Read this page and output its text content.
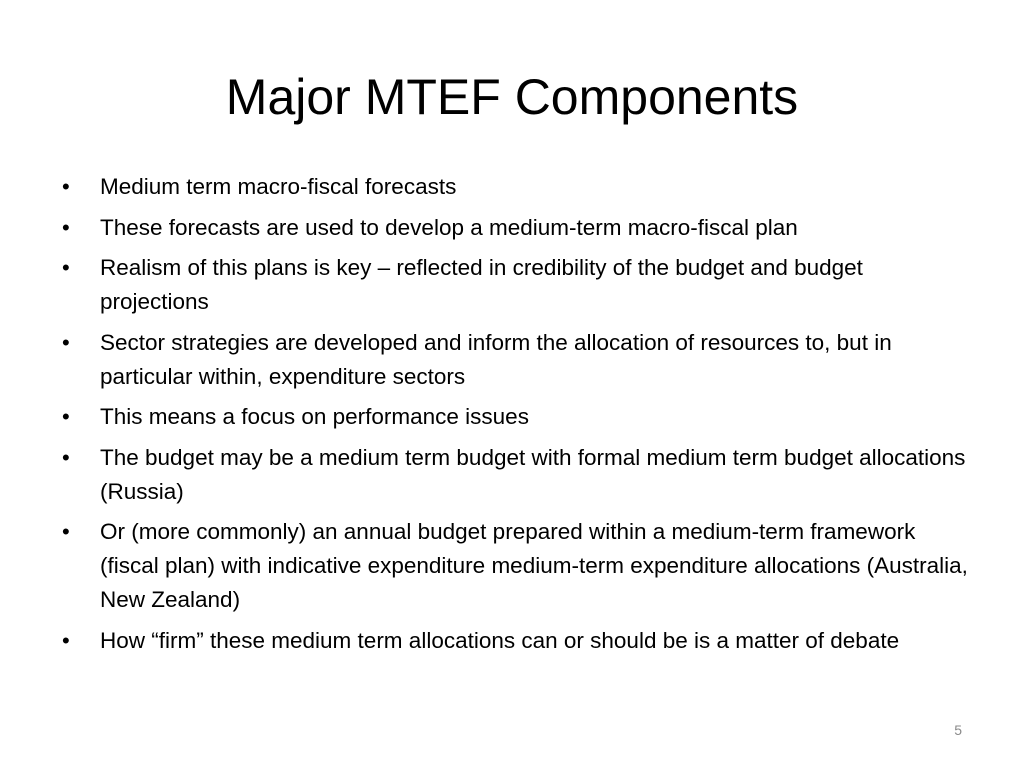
Major MTEF Components
•	Medium term macro-fiscal forecasts
•	These forecasts are used to develop a medium-term macro-fiscal plan
•	Realism of this plans is key – reflected in credibility of the budget and budget projections
•	Sector strategies are developed and inform the allocation of resources to, but in particular within, expenditure sectors
•	This means a focus on performance issues
•	The budget may be a medium term budget with formal medium term budget allocations (Russia)
•	Or (more commonly) an annual budget prepared within a medium-term framework (fiscal plan) with indicative expenditure medium-term expenditure allocations (Australia, New Zealand)
•	How “firm” these medium term allocations can or should be is a matter of debate
5
